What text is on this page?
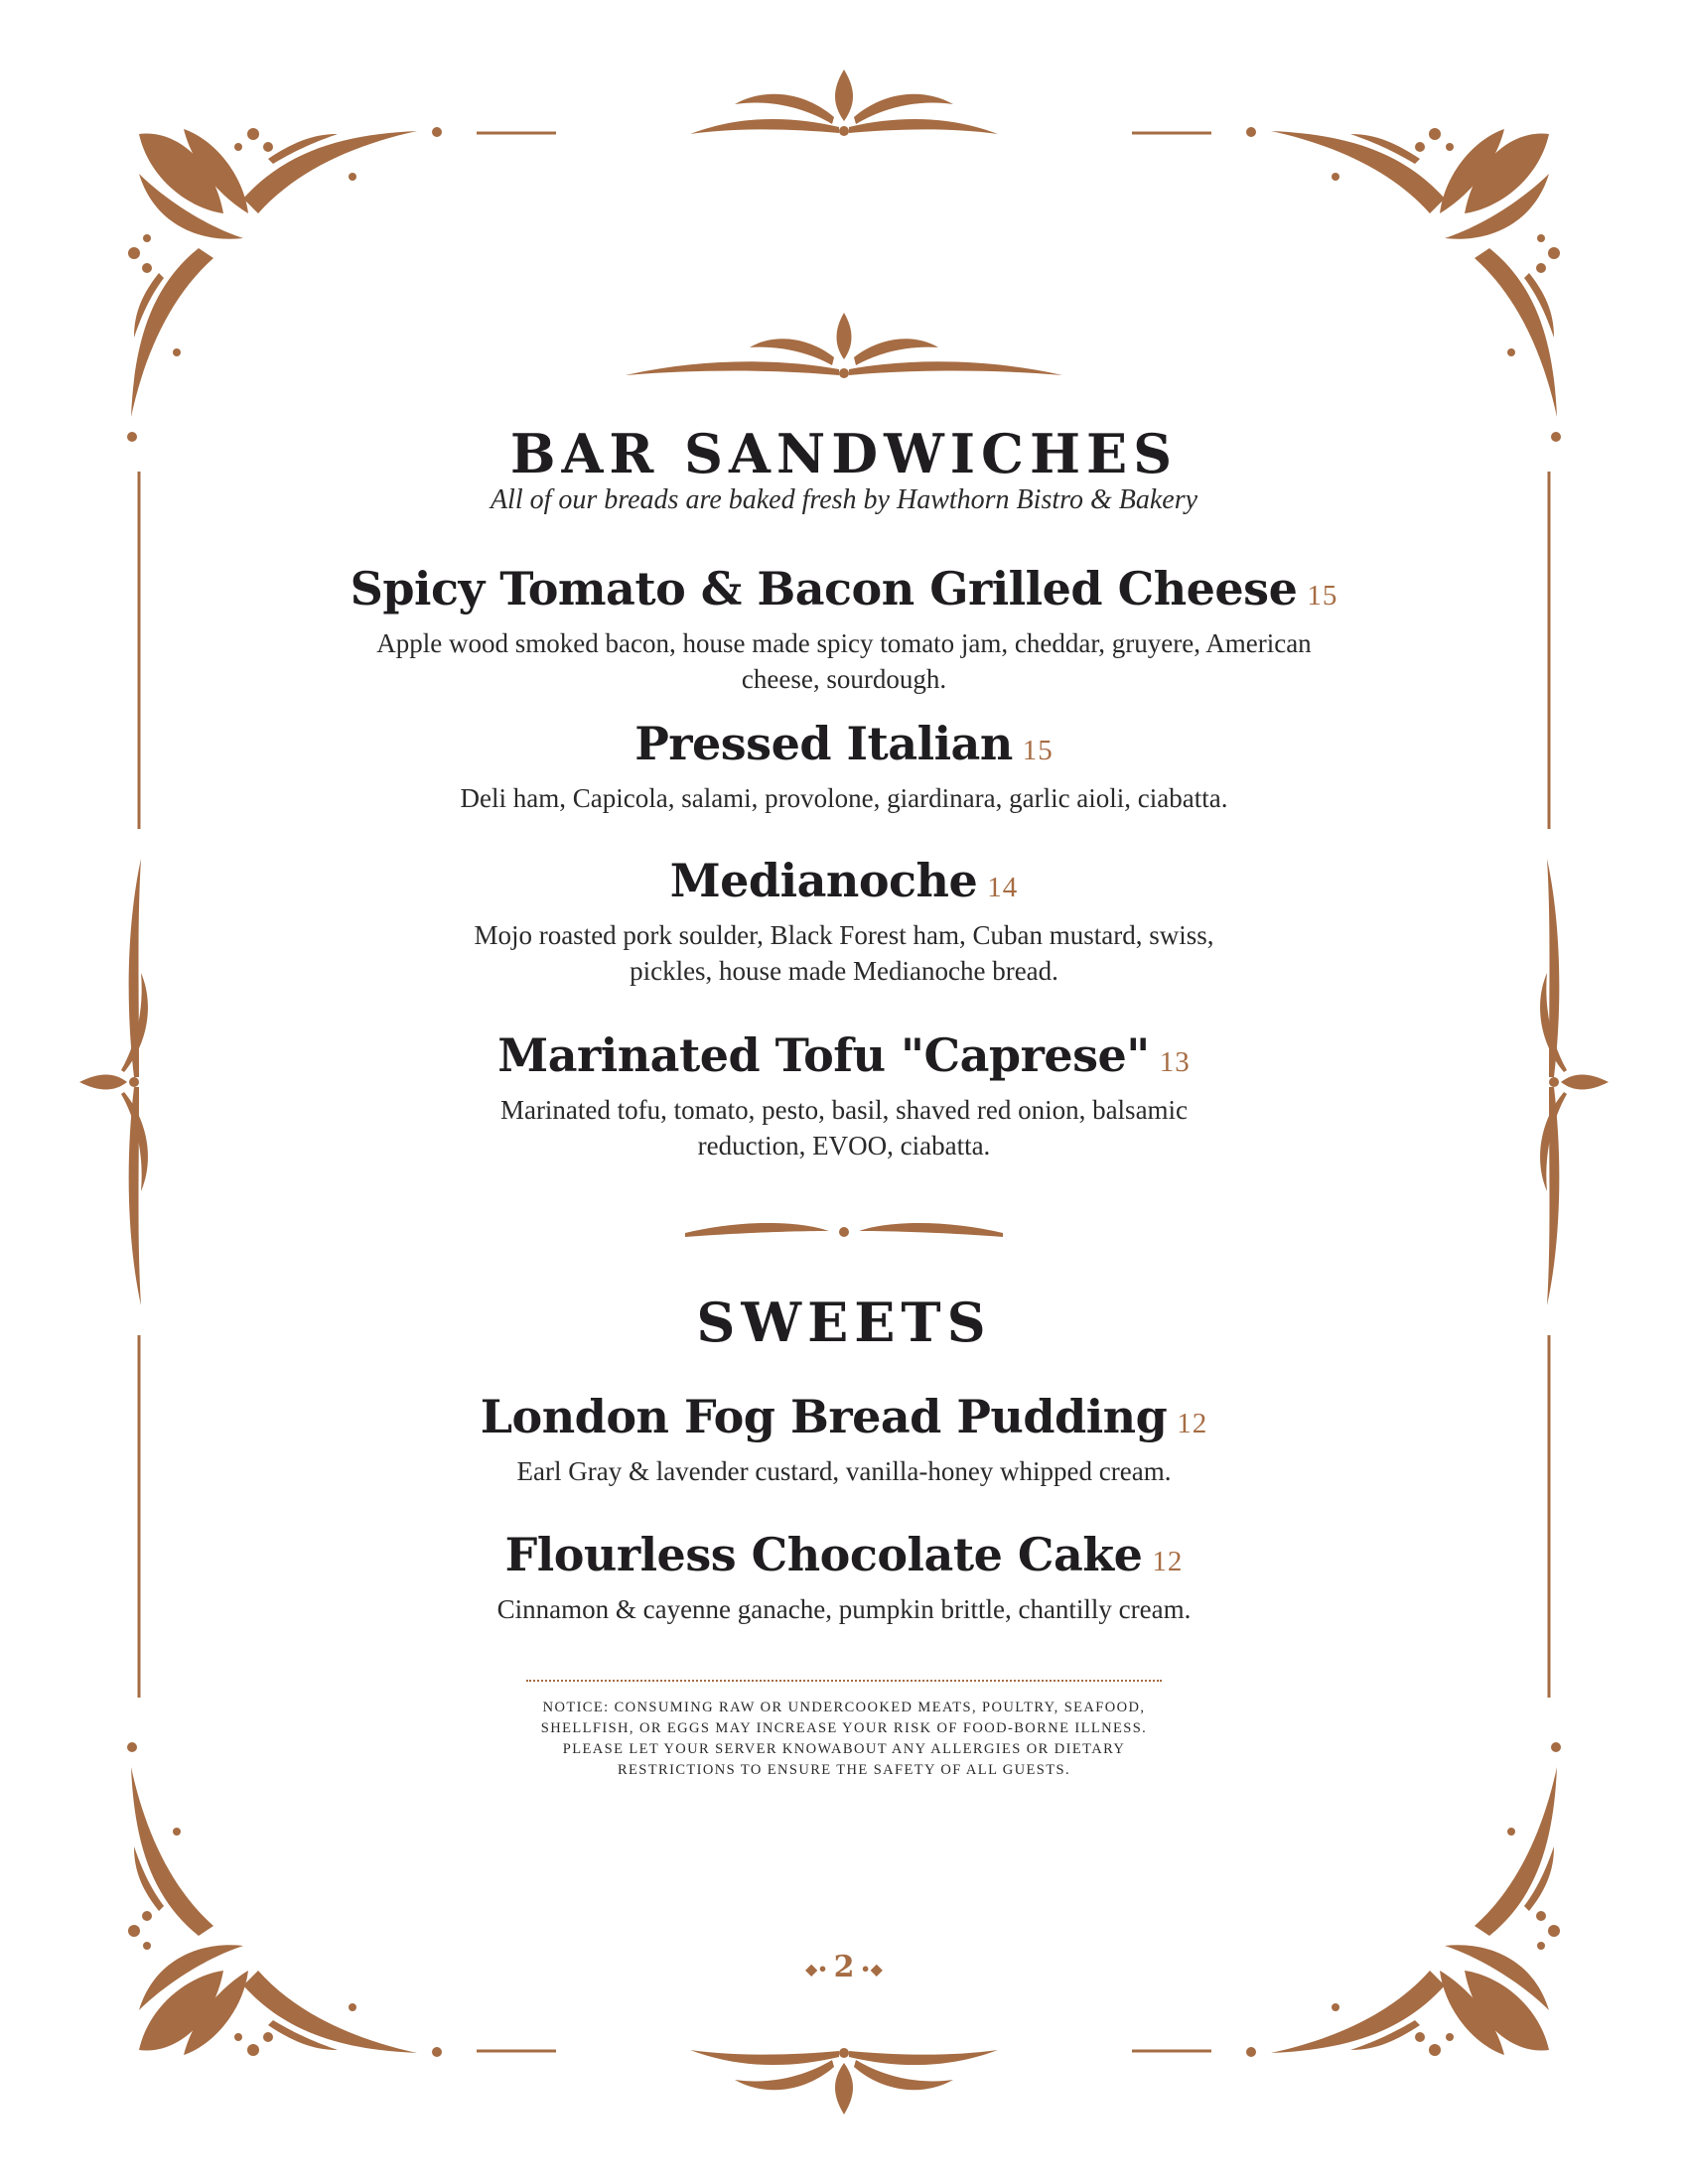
BAR SANDWICHES
All of our breads are baked fresh by Hawthorn Bistro & Bakery
Spicy Tomato & Bacon Grilled Cheese 15
Apple wood smoked bacon, house made spicy tomato jam, cheddar, gruyere, American cheese, sourdough.
Pressed Italian 15
Deli ham, Capicola, salami, provolone, giardinara, garlic aioli, ciabatta.
Medianoche 14
Mojo roasted pork soulder, Black Forest ham, Cuban mustard, swiss, pickles, house made Medianoche bread.
Marinated Tofu "Caprese" 13
Marinated tofu, tomato, pesto, basil, shaved red onion, balsamic reduction, EVOO, ciabatta.
SWEETS
London Fog Bread Pudding 12
Earl Gray & lavender custard, vanilla-honey whipped cream.
Flourless Chocolate Cake 12
Cinnamon & cayenne ganache, pumpkin brittle, chantilly cream.
NOTICE: CONSUMING RAW OR UNDERCOOKED MEATS, POULTRY, SEAFOOD, SHELLFISH, OR EGGS MAY INCREASE YOUR RISK OF FOOD-BORNE ILLNESS. PLEASE LET YOUR SERVER KNOWABOUT ANY ALLERGIES OR DIETARY RESTRICTIONS TO ENSURE THE SAFETY OF ALL GUESTS.
◆• 2 •◆
